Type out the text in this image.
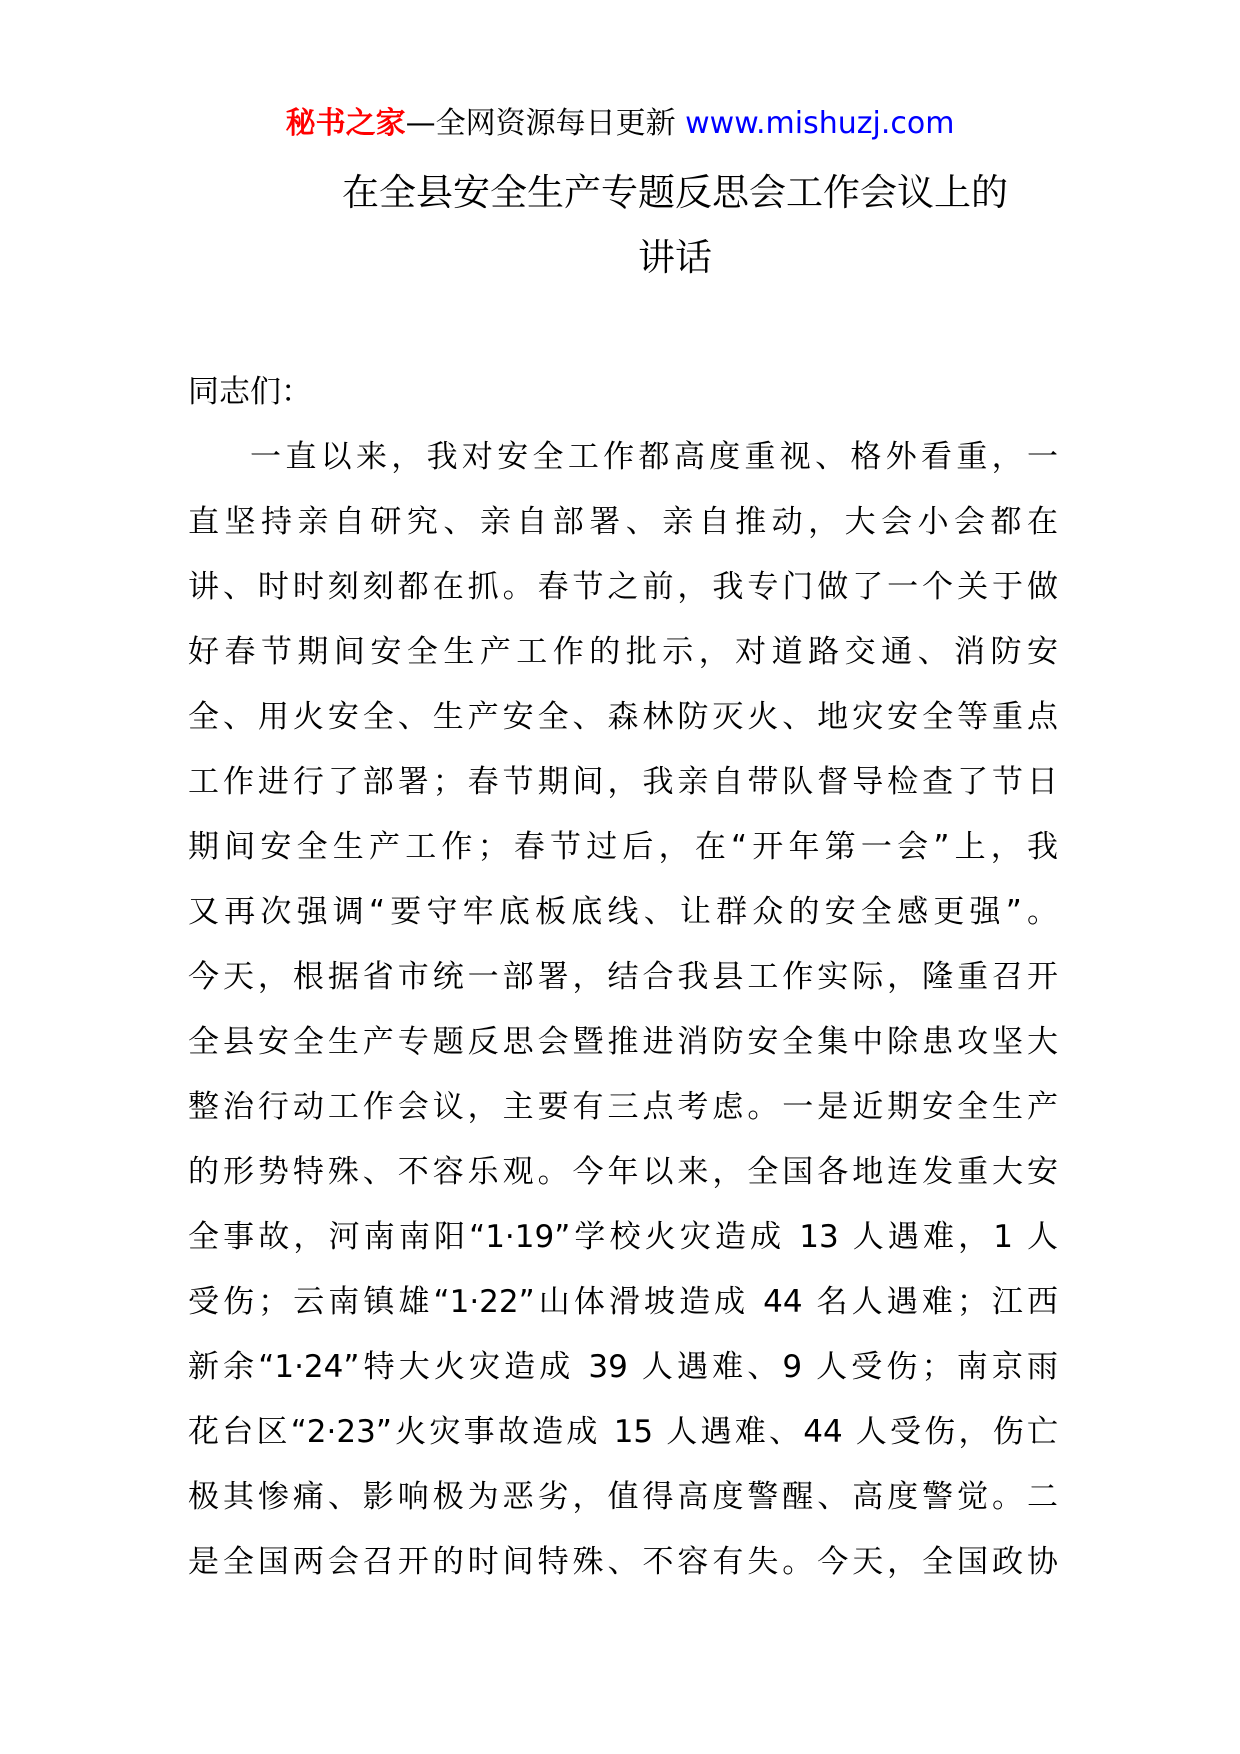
秘书之家—全网资源每日更新 www.mishuzj.com
在全县安全生产专题反思会工作会议上的
讲话

同志们：

一直以来，我对安全工作都高度重视、格外看重，一
直坚持亲自研究、亲自部署、亲自推动，大会小会都在
讲、时时刻刻都在抓。春节之前，我专门做了一个关于做
好春节期间安全生产工作的批示，对道路交通、消防安
全、用火安全、生产安全、森林防灭火、地灾安全等重点
工作进行了部署；春节期间，我亲自带队督导检查了节日
期间安全生产工作；春节过后，在“开年第一会”上，我
又再次强调“要守牢底板底线、让群众的安全感更强”。
今天，根据省市统一部署，结合我县工作实际，隆重召开
全县安全生产专题反思会暨推进消防安全集中除患攻坚大
整治行动工作会议，主要有三点考虑。一是近期安全生产
的形势特殊、不容乐观。今年以来，全国各地连发重大安
全事故，河南南阳“1·19”学校火灾造成 13 人遇难，1 人
受伤；云南镇雄“1·22”山体滑坡造成 44 名人遇难；江西
新余“1·24”特大火灾造成 39 人遇难、9 人受伤；南京雨
花台区“2·23”火灾事故造成 15 人遇难、44 人受伤，伤亡
极其惨痛、影响极为恶劣，值得高度警醒、高度警觉。二
是全国两会召开的时间特殊、不容有失。今天，全国政协
